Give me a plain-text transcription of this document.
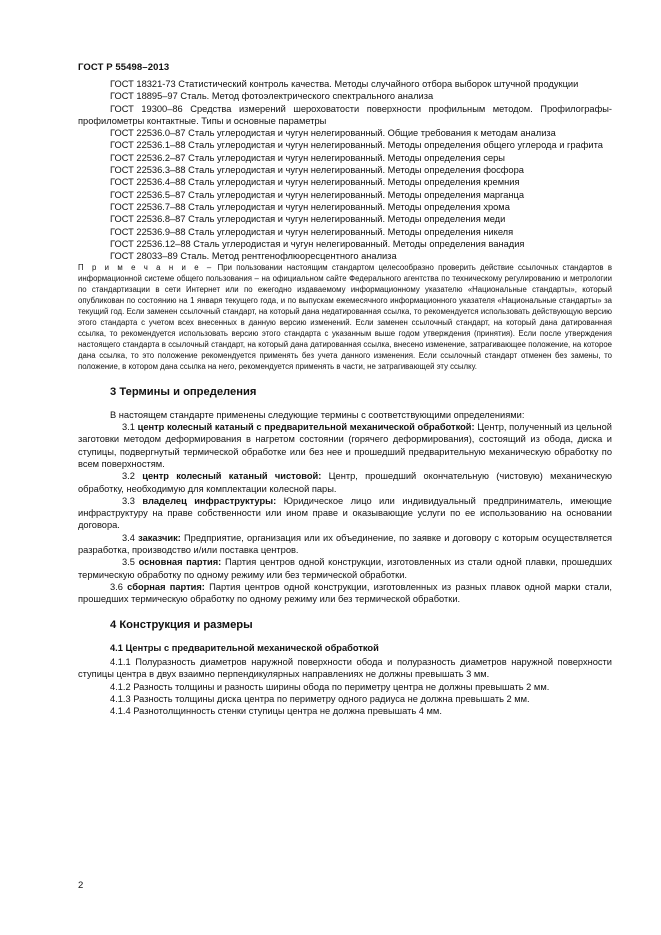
ГОСТ Р 55498–2013

ГОСТ 18321-73 Статистический контроль качества. Методы случайного отбора выборок штучной продукции

ГОСТ 18895–97 Сталь. Метод фотоэлектрического спектрального анализа

ГОСТ 19300–86 Средства измерений шероховатости поверхности профильным методом. Профилографы-профилометры контактные. Типы и основные параметры

ГОСТ 22536.0–87 Сталь углеродистая и чугун нелегированный. Общие требования к методам анализа

ГОСТ 22536.1–88 Сталь углеродистая и чугун нелегированный. Методы определения общего углерода и графита

ГОСТ 22536.2–87 Сталь углеродистая и чугун нелегированный. Методы определения серы

ГОСТ 22536.3–88 Сталь углеродистая и чугун нелегированный. Методы определения фосфора

ГОСТ 22536.4–88 Сталь углеродистая и чугун нелегированный. Методы определения кремния

ГОСТ 22536.5–87 Сталь углеродистая и чугун нелегированный. Методы определения марганца

ГОСТ 22536.7–88 Сталь углеродистая и чугун нелегированный. Методы определения хрома

ГОСТ 22536.8–87 Сталь углеродистая и чугун нелегированный. Методы определения меди

ГОСТ 22536.9–88 Сталь углеродистая и чугун нелегированный. Методы определения никеля

ГОСТ 22536.12–88 Сталь углеродистая и чугун нелегированный. Методы определения ванадия

ГОСТ 28033–89 Сталь. Метод рентгенофлюоресцентного анализа

П р и м е ч а н и е – При пользовании настоящим стандартом целесообразно проверить действие ссылочных стандартов в информационной системе общего пользования – на официальном сайте Федерального агентства по техническому регулированию и метрологии по стандартизации в сети Интернет или по ежегодно издаваемому информационному указателю «Национальные стандарты», который опубликован по состоянию на 1 января текущего года, и по выпускам ежемесячного информационного указателя «Национальные стандарты» за текущий год. Если заменен ссылочный стандарт, на который дана недатированная ссылка, то рекомендуется использовать действующую версию этого стандарта с учетом всех внесенных в данную версию изменений. Если заменен ссылочный стандарт, на который дана датированная ссылка, то рекомендуется использовать версию этого стандарта с указанным выше годом утверждения (принятия). Если после утверждения настоящего стандарта в ссылочный стандарт, на который дана датированная ссылка, внесено изменение, затрагивающее положение, на которое дана ссылка, то это положение рекомендуется применять без учета данного изменения. Если ссылочный стандарт отменен без замены, то положение, в котором дана ссылка на него, рекомендуется применять в части, не затрагивающей эту ссылку.

3 Термины и определения

В настоящем стандарте применены следующие термины с соответствующими определениями:

3.1 центр колесный катаный с предварительной механической обработкой: Центр, полученный из цельной заготовки методом деформирования в нагретом состоянии (горячего деформирования), состоящий из обода, диска и ступицы, подвергнутый термической обработке или без нее и прошедший предварительную механическую обработку по всем поверхностям.

3.2 центр колесный катаный чистовой: Центр, прошедший окончательную (чистовую) механическую обработку, необходимую для комплектации колесной пары.

3.3 владелец инфраструктуры: Юридическое лицо или индивидуальный предприниматель, имеющие инфраструктуру на праве собственности или ином праве и оказывающие услуги по ее использованию на основании договора.

3.4 заказчик: Предприятие, организация или их объединение, по заявке и договору с которым осуществляется разработка, производство и/или поставка центров.

3.5 основная партия: Партия центров одной конструкции, изготовленных из стали одной плавки, прошедших термическую обработку по одному режиму или без термической обработки.

3.6 сборная партия: Партия центров одной конструкции, изготовленных из разных плавок одной марки стали, прошедших термическую обработку по одному режиму или без термической обработки.

4 Конструкция и размеры
4.1 Центры с предварительной механической обработкой

4.1.1 Полуразность диаметров наружной поверхности обода и полуразность диаметров наружной поверхности ступицы центра в двух взаимно перпендикулярных направлениях не должны превышать 3 мм.

4.1.2 Разность толщины и разность ширины обода по периметру центра не должны превышать 2 мм.

4.1.3 Разность толщины диска центра по периметру одного радиуса не должна превышать 2 мм.

4.1.4 Разнотолщинность стенки ступицы центра не должна превышать 4 мм.

2
